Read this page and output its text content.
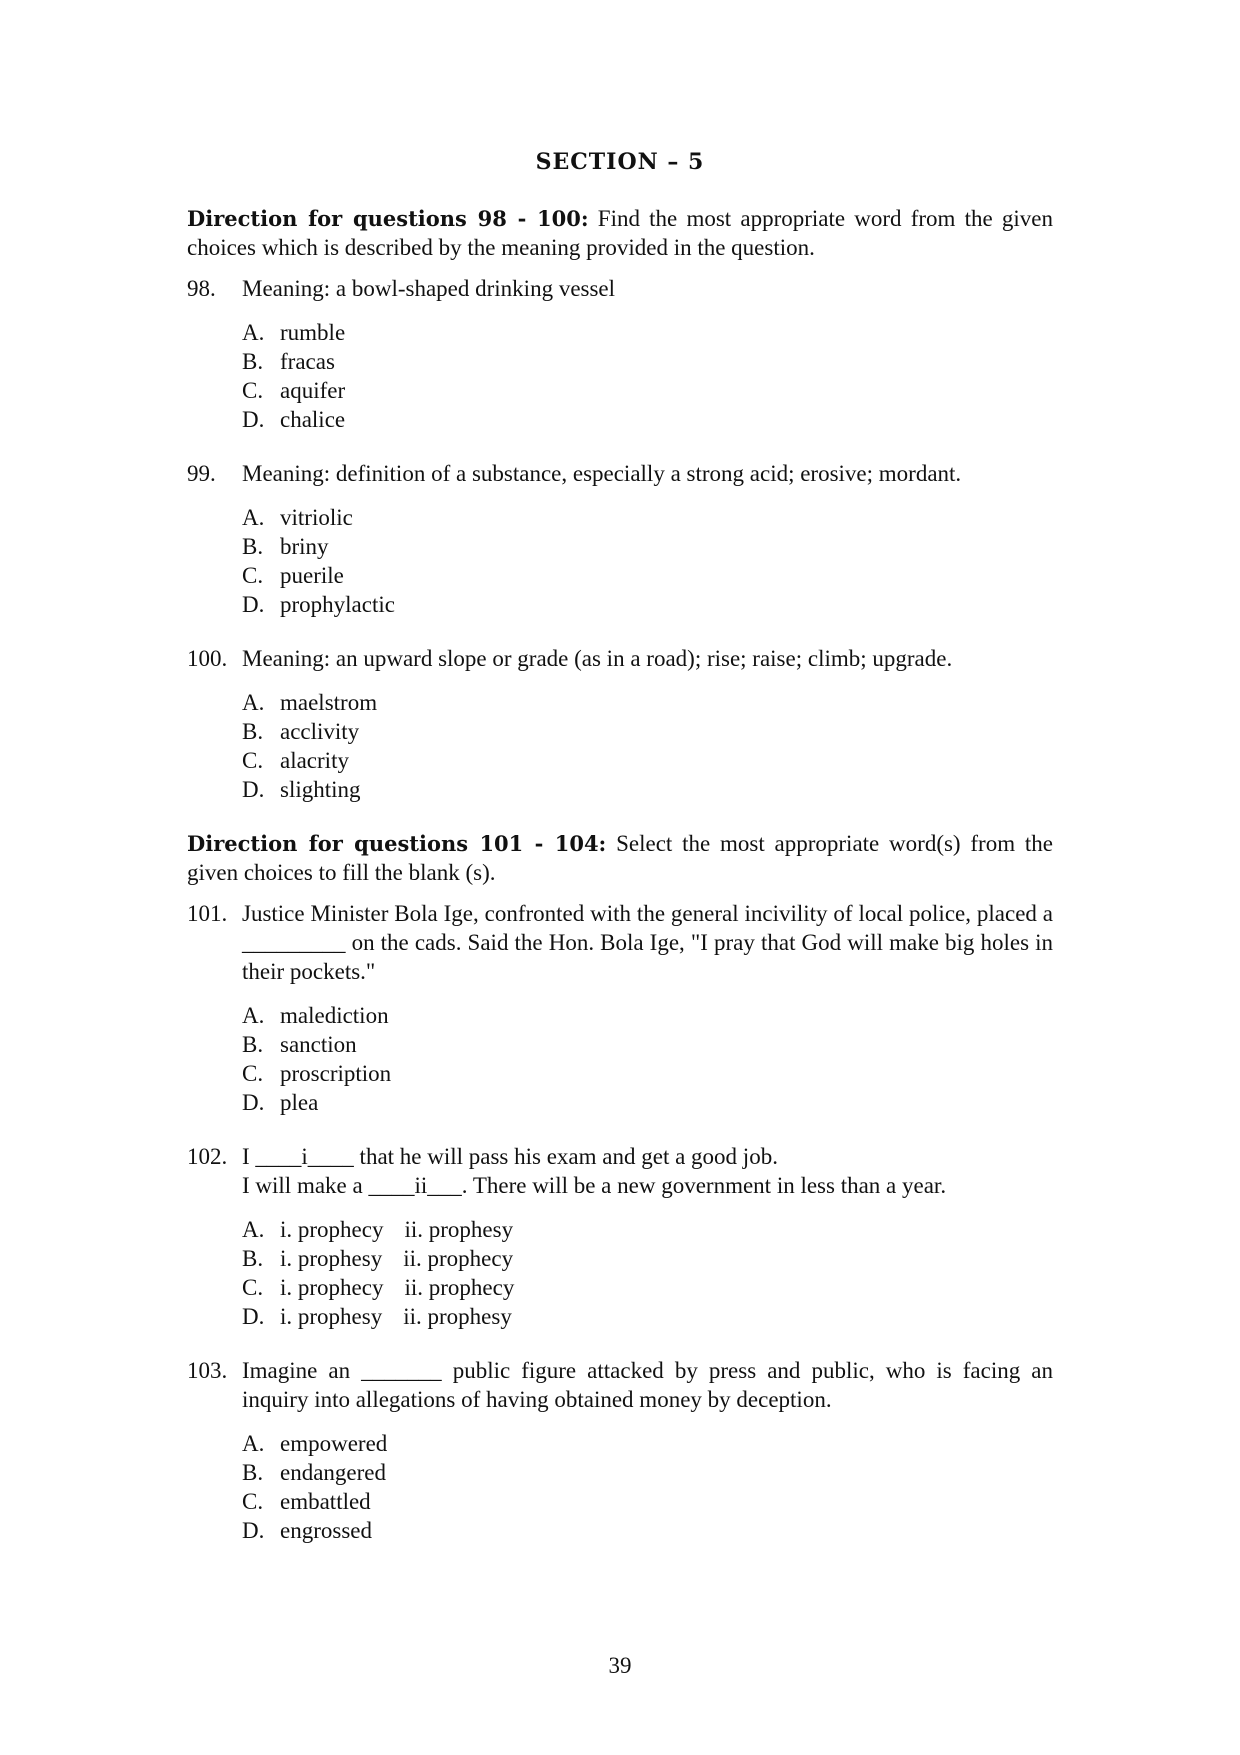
SECTION – 5

Direction for questions 98 - 100: Find the most appropriate word from the given choices which is described by the meaning provided in the question.

98.	Meaning: a bowl-shaped drinking vessel
A. rumble
B. fracas
C. aquifer
D. chalice
99.	Meaning: definition of a substance, especially a strong acid; erosive; mordant.
A. vitriolic
B. briny
C. puerile
D. prophylactic
100. Meaning: an upward slope or grade (as in a road); rise; raise; climb; upgrade.
A. maelstrom
B. acclivity
C. alacrity
D. slighting

Direction for questions 101 - 104: Select the most appropriate word(s) from the given choices to fill the blank (s).

101. Justice Minister Bola Ige, confronted with the general incivility of local police, placed a _________ on the cads. Said the Hon. Bola Ige, "I pray that God will make big holes in their pockets."
A. malediction
B. sanction
C. proscription
D. plea
102. I ____i____ that he will pass his exam and get a good job.
I will make a ____ii___. There will be a new government in less than a year.
A. i. prophecy ii. prophesy
B. i. prophesy ii. prophecy
C. i. prophecy ii. prophecy
D. i. prophesy ii. prophesy
103. Imagine an _______ public figure attacked by press and public, who is facing an inquiry into allegations of having obtained money by deception.
A. empowered
B. endangered
C. embattled
D. engrossed
39
